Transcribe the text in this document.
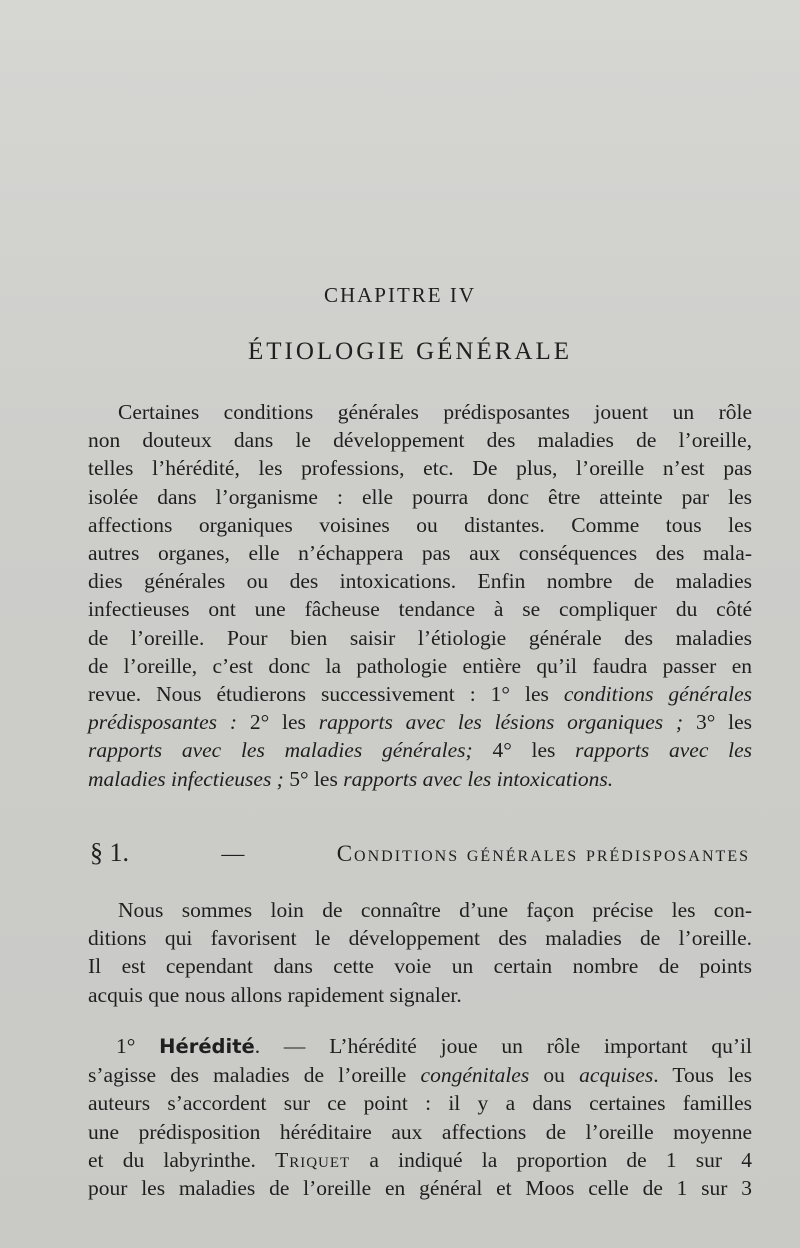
CHAPITRE IV
ÉTIOLOGIE GÉNÉRALE
Certaines conditions générales prédisposantes jouent un rôle
non douteux dans le développement des maladies de l’oreille,
telles l’hérédité, les professions, etc. De plus, l’oreille n’est pas
isolée dans l’organisme : elle pourra donc être atteinte par les
affections organiques voisines ou distantes. Comme tous les
autres organes, elle n’échappera pas aux conséquences des mala-
dies générales ou des intoxications. Enfin nombre de maladies
infectieuses ont une fâcheuse tendance à se compliquer du côté
de l’oreille. Pour bien saisir l’étiologie générale des maladies
de l’oreille, c’est donc la pathologie entière qu’il faudra passer en
revue. Nous étudierons successivement : 1° les conditions générales
prédisposantes : 2° les rapports avec les lésions organiques ; 3° les
rapports avec les maladies générales; 4° les rapports avec les
maladies infectieuses ; 5° les rapports avec les intoxications.
§ 1.	—	Conditions générales prédisposantes
Nous sommes loin de connaître d’une façon précise les con-
ditions qui favorisent le développement des maladies de l’oreille.
Il est cependant dans cette voie un certain nombre de points
acquis que nous allons rapidement signaler.
1° Hérédité. — L’hérédité joue un rôle important qu’il
s’agisse des maladies de l’oreille congénitales ou acquises. Tous les
auteurs s’accordent sur ce point : il y a dans certaines familles
une prédisposition héréditaire aux affections de l’oreille moyenne
et du labyrinthe. Triquet a indiqué la proportion de 1 sur 4
pour les maladies de l’oreille en général et Moos celle de 1 sur 3
